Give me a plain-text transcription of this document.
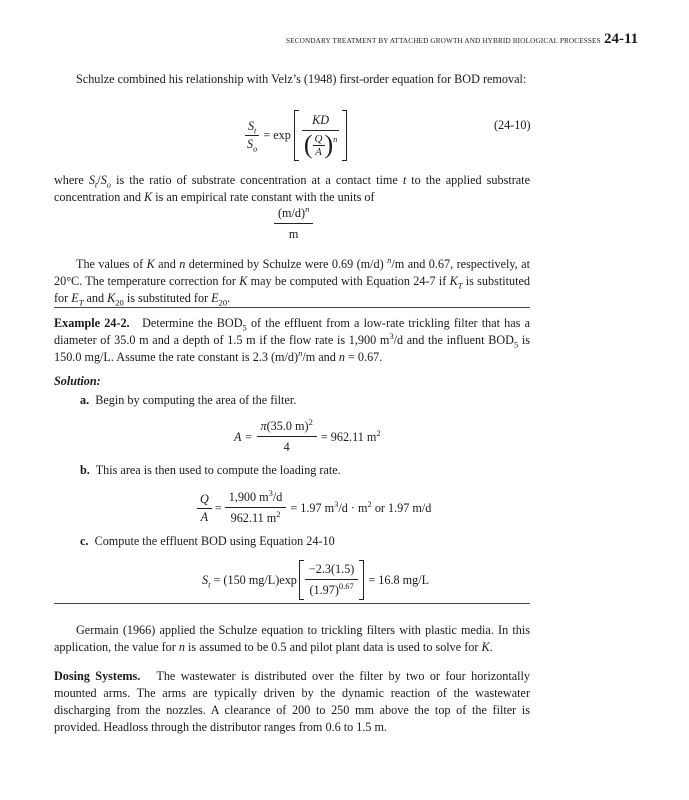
SECONDARY TREATMENT BY ATTACHED GROWTH AND HYBRID BIOLOGICAL PROCESSES 24-11
Schulze combined his relationship with Velz’s (1948) first-order equation for BOD removal:
$\frac{S_t}{S_o} = \exp$
KD
( $\frac{Q}{A}$ ) n
(24-10)
where $S_t/S_o$ is the ratio of substrate concentration at a contact time t to the applied substrate concentration and K is an empirical rate constant with the units of
$\frac{(m/d)^n}{m}$
The values of K and n determined by Schulze were 0.69 (m/d) $^n$/m and 0.67, respectively, at 20°C. The temperature correction for K may be computed with Equation 24-7 if $K_T$ is substituted for $E_T$ and $K_{20}$ is substituted for $E_{20}$.
Example 24-2.   Determine the $BOD_5$ of the effluent from a low-rate trickling filter that has a diameter of 35.0 m and a depth of 1.5 m if the flow rate is 1,900 $m^3/d$ and the influent $BOD_5$ is 150.0 mg/L. Assume the rate constant is 2.3 $(m/d)^n/m$ and n = 0.67.
Solution:
a. Begin by computing the area of the filter.
$A = \frac{\pi(35.0 m)^2}{4} = 962.11$ $m^2$
b. This area is then used to compute the loading rate.
$\frac{Q}{A} = \frac{1,900 m^3/d}{962.11 m^2} = 1.97$ $m^3/d \cdot m^2$ or 1.97 m/d
c. Compute the effluent BOD using Equation 24-10
$S_t = (150$ $mg/L)\exp \frac{-2.3(1.5)}{(1.97)^{0.67}} = 16.8$ mg/L
Germain (1966) applied the Schulze equation to trickling filters with plastic media. In this application, the value for n is assumed to be 0.5 and pilot plant data is used to solve for K.
Dosing Systems. The wastewater is distributed over the filter by two or four horizontally mounted arms. The arms are typically driven by the dynamic reaction of the wastewater discharging from the nozzles. A clearance of 200 to 250 mm above the top of the filter is provided. Headloss through the distributor ranges from 0.6 to 1.5 m.
